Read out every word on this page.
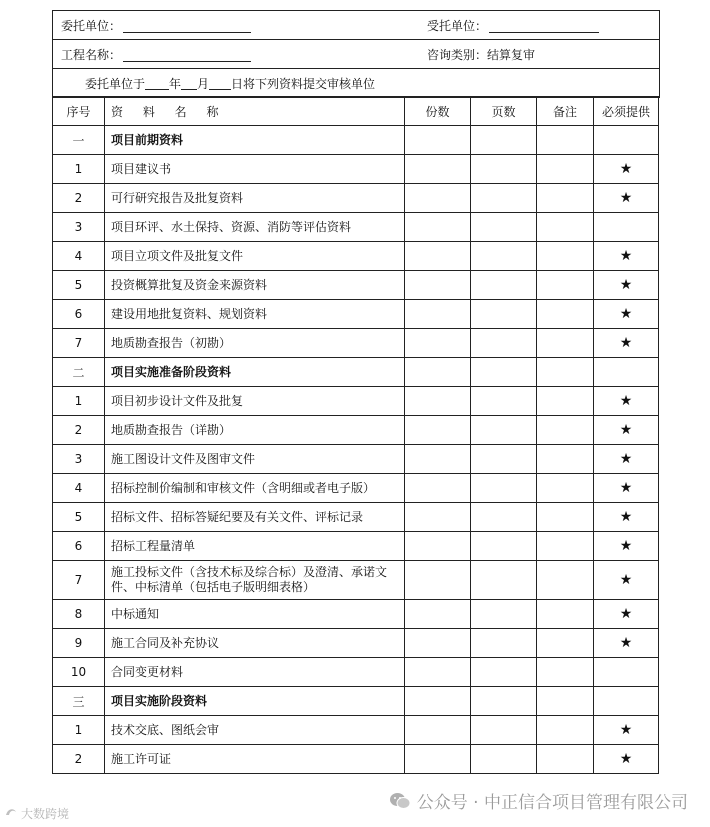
委托单位：	受托单位：
工程名称：	咨询类别： 结算复审
委托单位于 年 月 日将下列资料提交审核单位
序号	资 料 名 称	份数	页数	备注	必须提供
一	项目前期资料				
1	项目建议书				★
2	可行研究报告及批复资料				★
3	项目环评、水土保持、资源、消防等评估资料				
4	项目立项文件及批复文件				★
5	投资概算批复及资金来源资料				★
6	建设用地批复资料、规划资料				★
7	地质勘查报告（初勘）				★
二	项目实施准备阶段资料				
1	项目初步设计文件及批复				★
2	地质勘查报告（详勘）				★
3	施工图设计文件及图审文件				★
4	招标控制价编制和审核文件（含明细或者电子版）				★
5	招标文件、招标答疑纪要及有关文件、评标记录				★
6	招标工程量清单				★
7	施工投标文件（含技术标及综合标）及澄清、承诺文件、中标清单（包括电子版明细表格）				★
8	中标通知				★
9	施工合同及补充协议				★
10	合同变更材料				
三	项目实施阶段资料				
1	技术交底、图纸会审				★
2	施工许可证				★
公众号 · 中正信合项目管理有限公司
大数跨境
